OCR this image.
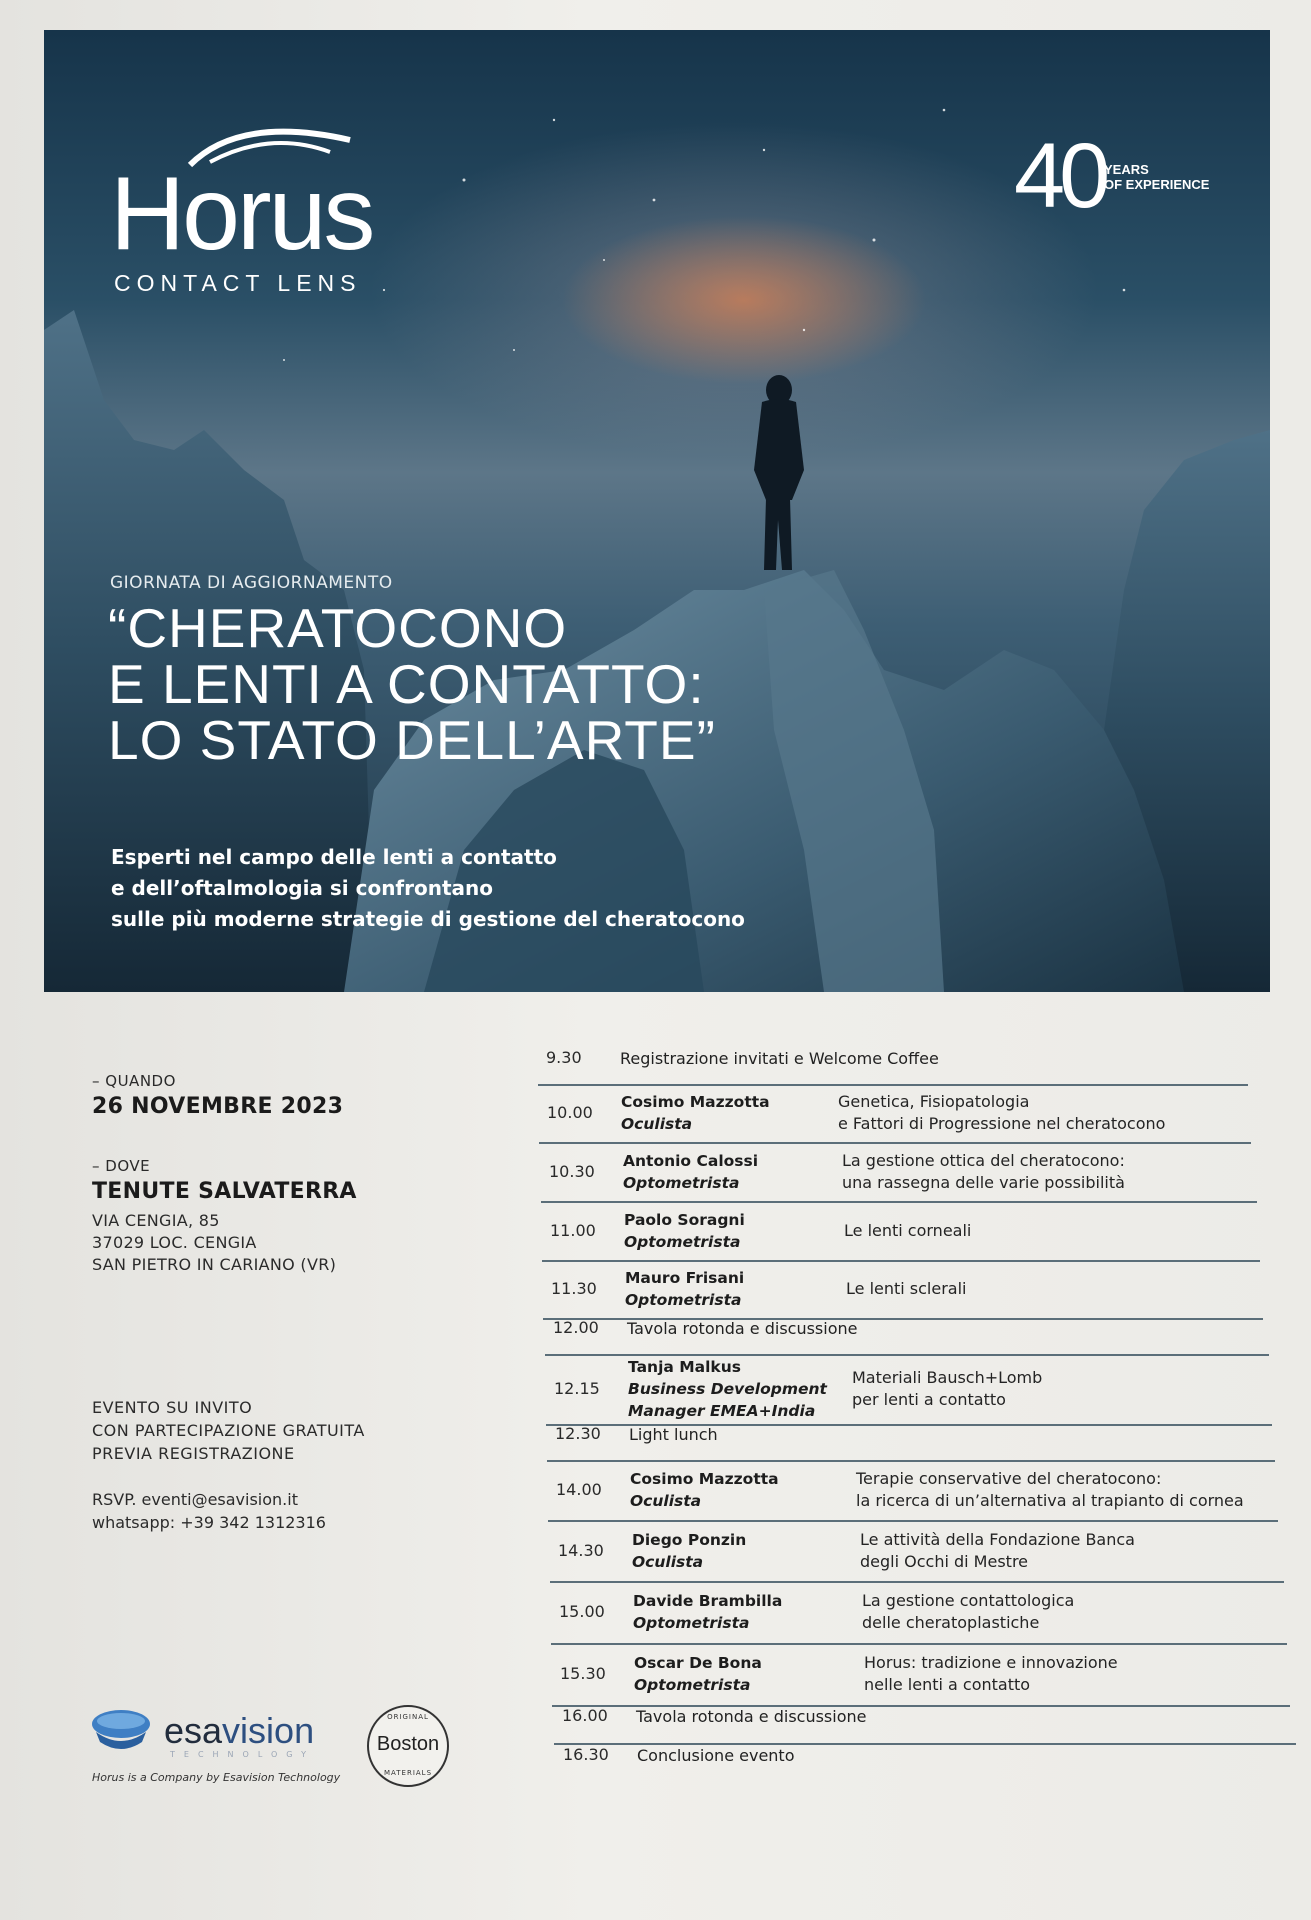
Horus
CONTACT LENS
40 YEARS
OF EXPERIENCE
GIORNATA DI AGGIORNAMENTO
“CHERATOCONO
E LENTI A CONTATTO:
LO STATO DELL’ARTE”
Esperti nel campo delle lenti a contatto
e dell’oftalmologia si confrontano
sulle più moderne strategie di gestione del cheratocono
– QUANDO
26 NOVEMBRE 2023
– DOVE
TENUTE SALVATERRA
VIA CENGIA, 85
37029 LOC. CENGIA
SAN PIETRO IN CARIANO (VR)
EVENTO SU INVITO
CON PARTECIPAZIONE GRATUITA
PREVIA REGISTRAZIONE
RSVP. eventi@esavision.it
whatsapp: +39 342 1312316
9.30 Registrazione invitati e Welcome Coffee
10.00
Cosimo Mazzotta
Oculista
Genetica, Fisiopatologia
e Fattori di Progressione nel cheratocono
10.30
Antonio Calossi
Optometrista
La gestione ottica del cheratocono:
una rassegna delle varie possibilità
11.00
Paolo Soragni
Optometrista
Le lenti corneali
11.30
Mauro Frisani
Optometrista
Le lenti sclerali
12.00 Tavola rotonda e discussione
12.15
Tanja Malkus
Business Development
Manager EMEA+India
Materiali Bausch+Lomb
per lenti a contatto
12.30 Light lunch
14.00
Cosimo Mazzotta
Oculista
Terapie conservative del cheratocono:
la ricerca di un’alternativa al trapianto di cornea
14.30
Diego Ponzin
Oculista
Le attività della Fondazione Banca
degli Occhi di Mestre
15.00
Davide Brambilla
Optometrista
La gestione contattologica
delle cheratoplastiche
15.30
Oscar De Bona
Optometrista
Horus: tradizione e innovazione
nelle lenti a contatto
16.00 Tavola rotonda e discussione
16.30 Conclusione evento
esavision
TECHNOLOGY
Horus is a Company by Esavision Technology
ORIGINAL
Boston
MATERIALS
